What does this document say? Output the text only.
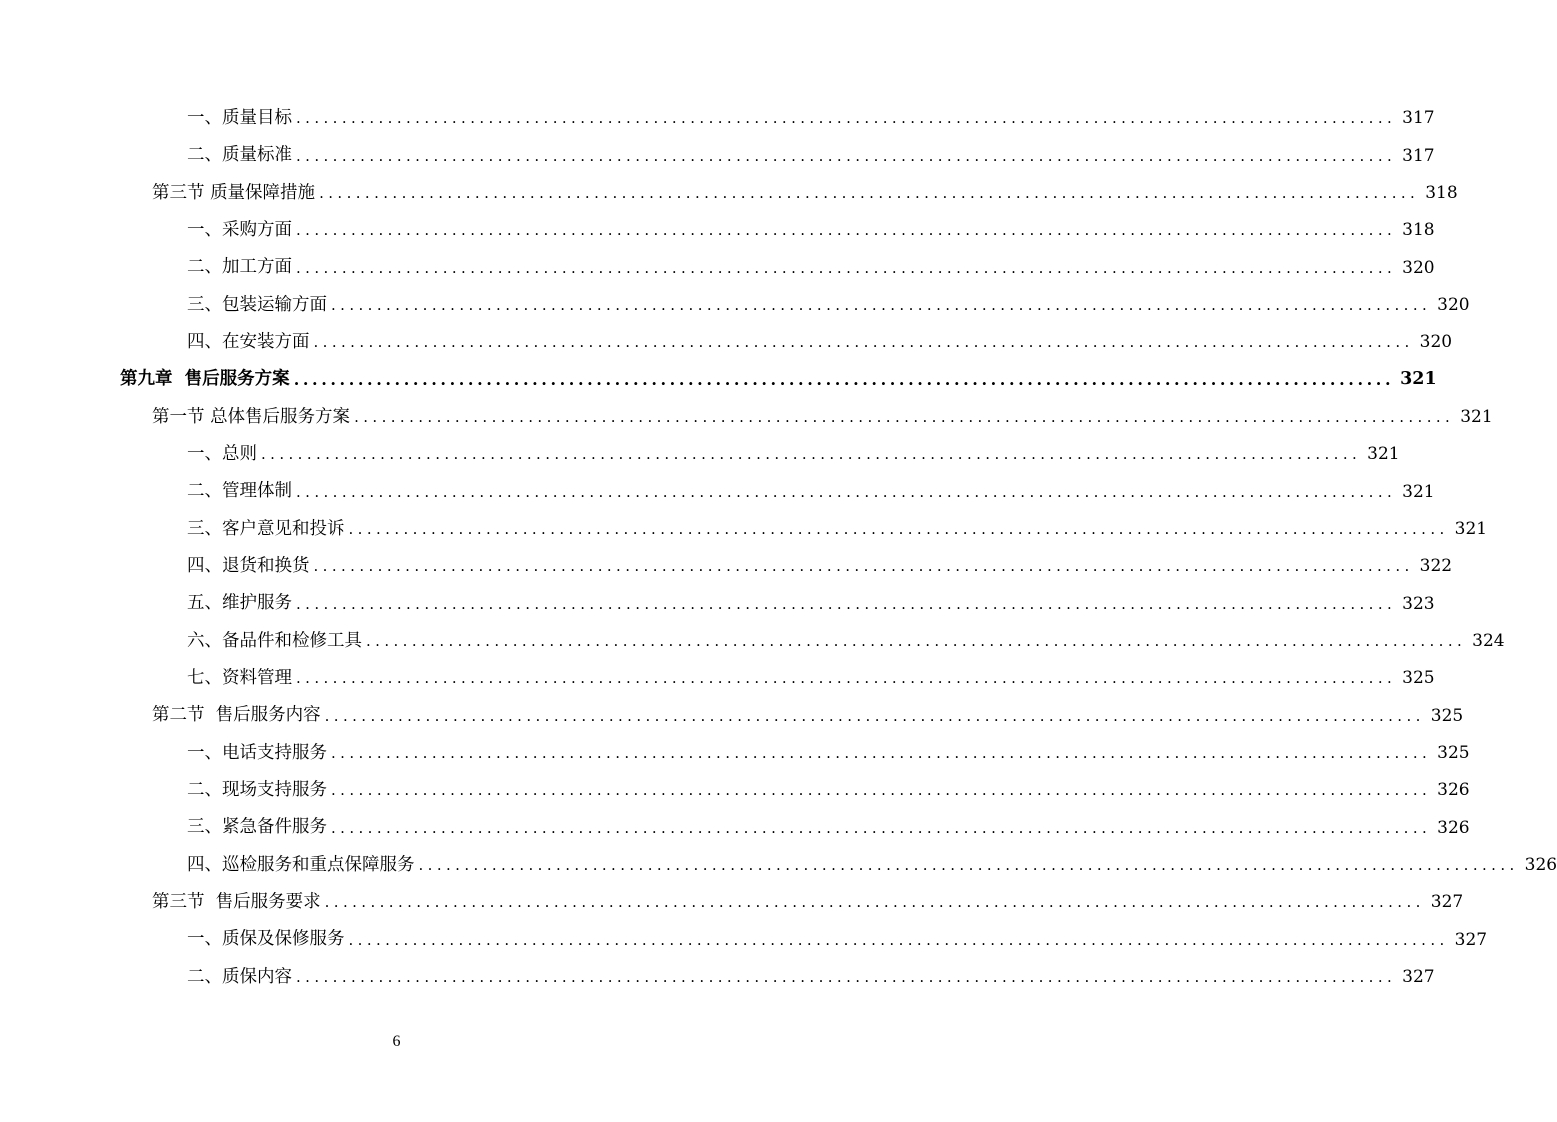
一、质量目标 ........................................................................................................................ 317
二、质量标准 ........................................................................................................................ 317
第三节 质量保障措施 ........................................................................................................................ 318
一、采购方面 ........................................................................................................................ 318
二、加工方面 ........................................................................................................................ 320
三、包装运输方面 ........................................................................................................................ 320
四、在安装方面 ........................................................................................................................ 320
第九章  售后服务方案 ........................................................................................................................ 321
第一节 总体售后服务方案 ........................................................................................................................ 321
一、总则 ........................................................................................................................ 321
二、管理体制 ........................................................................................................................ 321
三、客户意见和投诉 ........................................................................................................................ 321
四、退货和换货 ........................................................................................................................ 322
五、维护服务 ........................................................................................................................ 323
六、备品件和检修工具 ........................................................................................................................ 324
七、资料管理 ........................................................................................................................ 325
第二节  售后服务内容 ........................................................................................................................ 325
一、电话支持服务 ........................................................................................................................ 325
二、现场支持服务 ........................................................................................................................ 326
三、紧急备件服务 ........................................................................................................................ 326
四、巡检服务和重点保障服务 ........................................................................................................................ 326
第三节  售后服务要求 ........................................................................................................................ 327
一、质保及保修服务 ........................................................................................................................ 327
二、质保内容 ........................................................................................................................ 327
6
